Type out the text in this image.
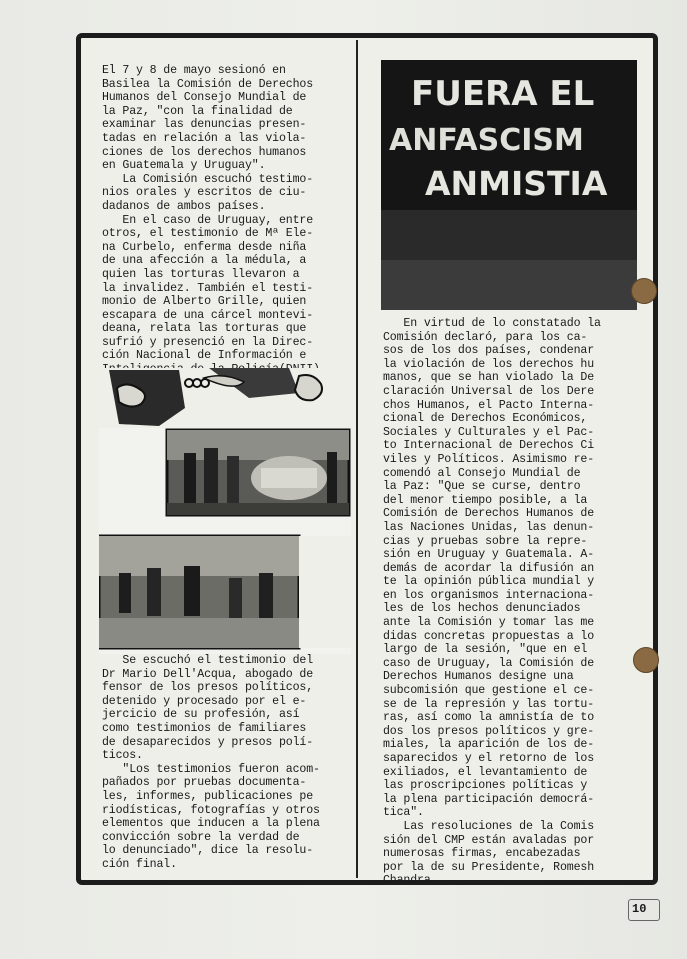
El 7 y 8 de mayo sesionó en
Basilea la Comisión de Derechos
Humanos del Consejo Mundial de
la Paz, "con la finalidad de
examinar las denuncias presen-
tadas en relación a las viola-
ciones de los derechos humanos
en Guatemala y Uruguay".
La Comisión escuchó testimo-
nios orales y escritos de ciu-
dadanos de ambos países.
En el caso de Uruguay, entre
otros, el testimonio de Mª Ele-
na Curbelo, enferma desde niña
de una afección a la médula, a
quien las torturas llevaron a
la invalidez. También el testi-
monio de Alberto Grille, quien
escapara de una cárcel montevi-
deana, relata las torturas que
sufrió y presenció en la Direc-
ción Nacional de Información e
Se escuchó el testimonio del
Dr Mario Dell'Acqua, abogado de
fensor de los presos políticos,
detenido y procesado por el e-
jercicio de su profesión, así
como testimonios de familiares
de desaparecidos y presos polí-
ticos.
"Los testimonios fueron acom-
pañados por pruebas documenta-
les, informes, publicaciones pe
riodísticas, fotografías y otros
elementos que inducen a la plena
convicción sobre la verdad de
lo denunciado", dice la resolu-
ción final.
FUERA EL
ANFASCISM
ANMISTIA
En virtud de lo constatado la
Comisión declaró, para los ca-
sos de los dos países, condenar
la violación de los derechos hu
manos, que se han violado la De
claración Universal de los Dere
chos Humanos, el Pacto Interna-
cional de Derechos Económicos,
Sociales y Culturales y el Pac-
to Internacional de Derechos Ci
viles y Políticos. Asimismo re-
comendó al Consejo Mundial de
la Paz: "Que se curse, dentro
del menor tiempo posible, a la
Comisión de Derechos Humanos de
las Naciones Unidas, las denun-
cias y pruebas sobre la repre-
sión en Uruguay y Guatemala. A-
demás de acordar la difusión an
te la opinión pública mundial y
en los organismos internaciona-
les de los hechos denunciados
ante la Comisión y tomar las me
didas concretas propuestas a lo
largo de la sesión, "que en el
caso de Uruguay, la Comisión de
Derechos Humanos designe una
subcomisión que gestione el ce-
se de la represión y las tortu-
ras, así como la amnistía de to
dos los presos políticos y gre-
miales, la aparición de los de-
saparecidos y el retorno de los
exiliados, el levantamiento de
las proscripciones políticas y
la plena participación democrá-
tica".
Las resoluciones de la Comis
sión del CMP están avaladas por
numerosas firmas, encabezadas
por la de su Presidente, Romesh
Chandra.
10
